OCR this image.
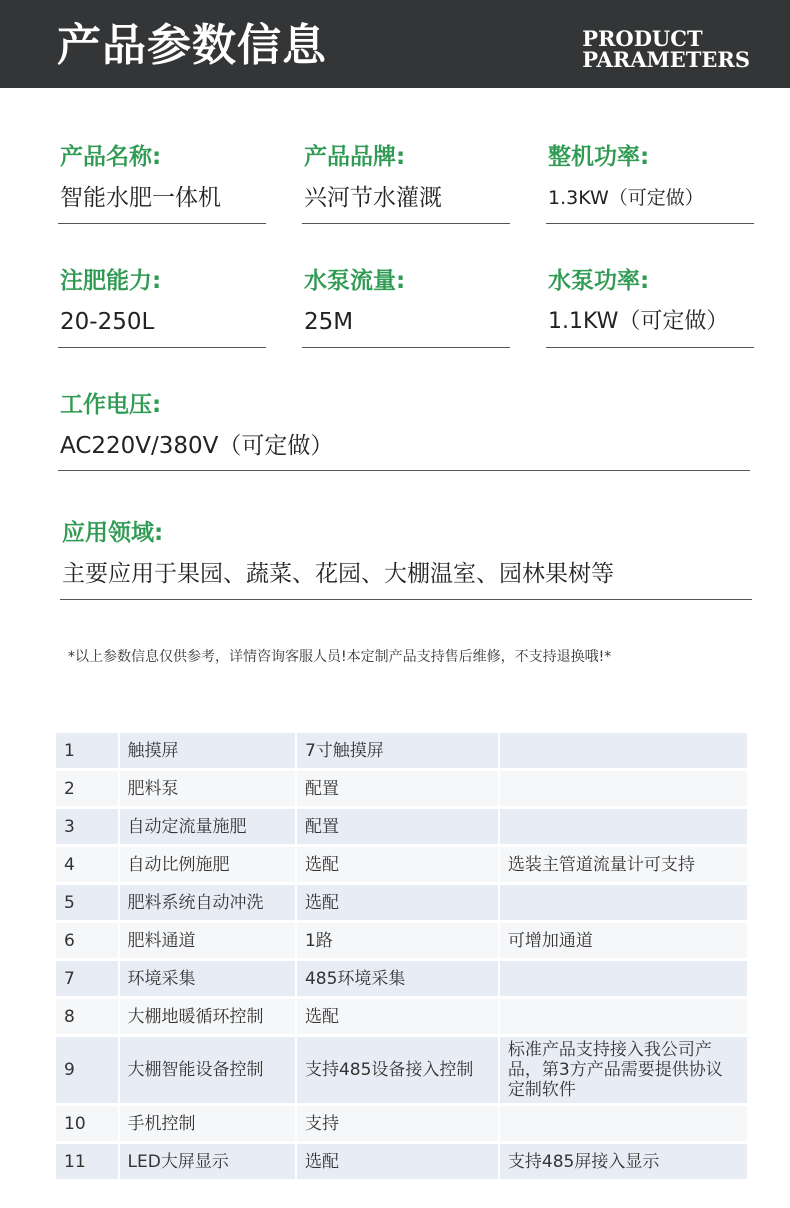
产品参数信息	PRODUCT
PARAMETERS
产品名称:
智能水肥一体机
产品品牌:
兴河节水灌溉
整机功率:
1.3KW（可定做）
注肥能力:
20-250L
水泵流量:
25M
水泵功率:
1.1KW（可定做）
工作电压:
AC220V/380V（可定做）
应用领域:
主要应用于果园、蔬菜、花园、大棚温室、园林果树等
*以上参数信息仅供参考，详情咨询客服人员!本定制产品支持售后维修，不支持退换哦!*
1	触摸屏	7寸触摸屏	
2	肥料泵	配置	
3	自动定流量施肥	配置	
4	自动比例施肥	选配	选装主管道流量计可支持
5	肥料系统自动冲洗	选配	
6	肥料通道	1路	可增加通道
7	环境采集	485环境采集	
8	大棚地暖循环控制	选配	
9	大棚智能设备控制	支持485设备接入控制	标准产品支持接入我公司产品，第3方产品需要提供协议定制软件
10	手机控制	支持	
11	LED大屏显示	选配	支持485屏接入显示
